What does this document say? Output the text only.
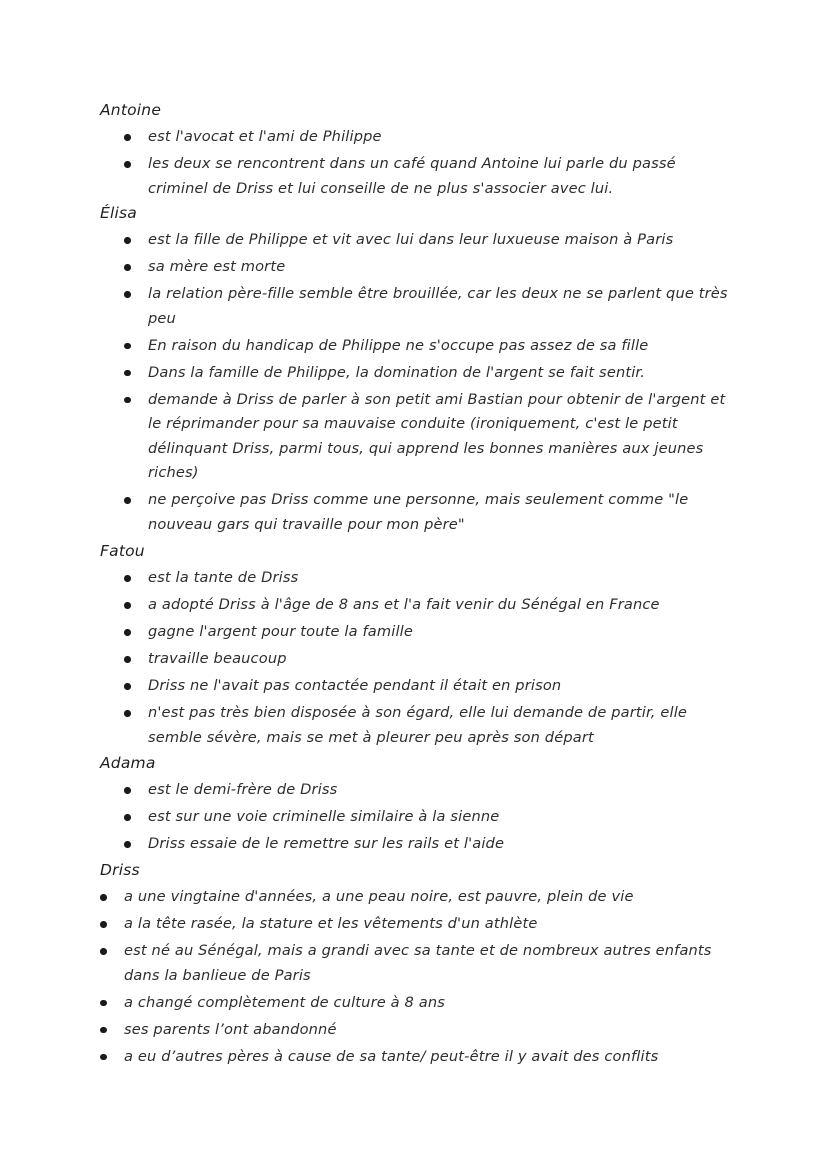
Antoine
est l'avocat et l'ami de Philippe
les deux se rencontrent dans un café quand Antoine lui parle du passé criminel de Driss et lui conseille de ne plus s'associer avec lui.
Élisa
est la fille de Philippe et vit avec lui dans leur luxueuse maison à Paris
sa mère est morte
la relation père-fille semble être brouillée, car les deux ne se parlent que très peu
En raison du handicap de Philippe ne s'occupe pas assez de sa fille
Dans la famille de Philippe, la domination de l'argent se fait sentir.
demande à Driss de parler à son petit ami Bastian pour obtenir de l'argent et le réprimander pour sa mauvaise conduite (ironiquement, c'est le petit délinquant Driss, parmi tous, qui apprend les bonnes manières aux jeunes riches)
ne perçoive pas Driss comme une personne, mais seulement comme "le nouveau gars qui travaille pour mon père"
Fatou
est la tante de Driss
a adopté Driss à l'âge de 8 ans et l'a fait venir du Sénégal en France
gagne l'argent pour toute la famille
travaille beaucoup
Driss ne l'avait pas contactée pendant il était en prison
n'est pas très bien disposée à son égard, elle lui demande de partir, elle semble sévère, mais se met à pleurer peu après son départ
Adama
est le demi-frère de Driss
est sur une voie criminelle similaire à la sienne
Driss essaie de le remettre sur les rails et l'aide
Driss
a une vingtaine d'années, a une peau noire, est pauvre, plein de vie
a la tête rasée, la stature et les vêtements d'un athlète
est né au Sénégal, mais a grandi avec sa tante et de nombreux autres enfants dans la banlieue de Paris
a changé complètement de culture à 8 ans
ses parents l’ont abandonné
a eu d’autres pères à cause de sa tante/ peut-être il y avait des conflits
